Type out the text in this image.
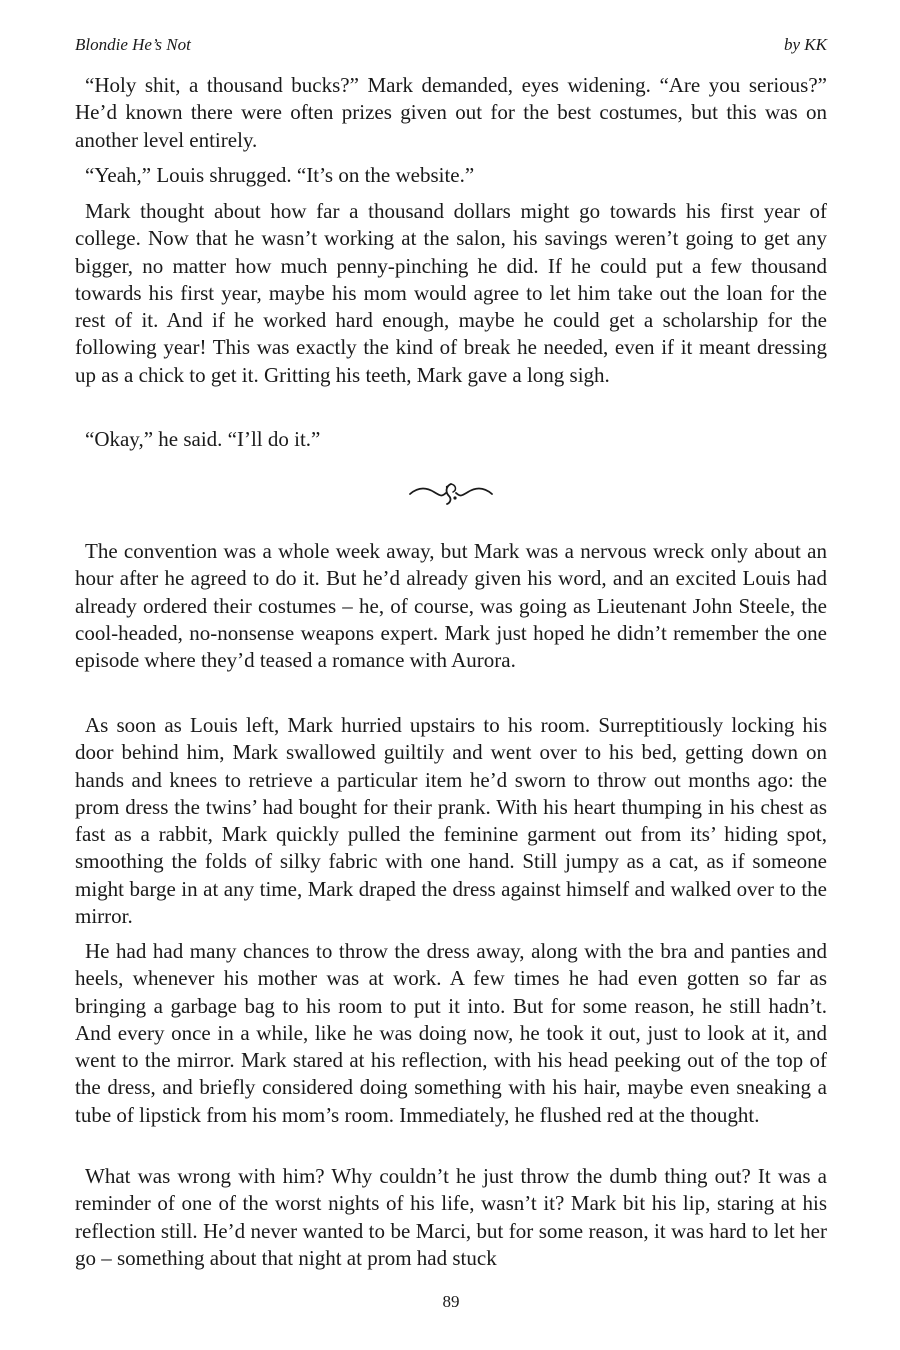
Blondie He’s Not	by KK

“Holy shit, a thousand bucks?” Mark demanded, eyes widening. “Are you serious?” He’d known there were often prizes given out for the best costumes, but this was on another level entirely.

“Yeah,” Louis shrugged. “It’s on the website.”

Mark thought about how far a thousand dollars might go towards his first year of college. Now that he wasn’t working at the salon, his savings weren’t going to get any bigger, no matter how much penny-pinching he did. If he could put a few thousand towards his first year, maybe his mom would agree to let him take out the loan for the rest of it. And if he worked hard enough, maybe he could get a scholarship for the following year! This was exactly the kind of break he needed, even if it meant dressing up as a chick to get it. Gritting his teeth, Mark gave a long sigh.

“Okay,” he said. “I’ll do it.”

The convention was a whole week away, but Mark was a nervous wreck only about an hour after he agreed to do it. But he’d already given his word, and an excited Louis had already ordered their costumes – he, of course, was going as Lieutenant John Steele, the cool-headed, no-nonsense weapons expert. Mark just hoped he didn’t remember the one episode where they’d teased a romance with Aurora.

As soon as Louis left, Mark hurried upstairs to his room. Surreptitiously locking his door behind him, Mark swallowed guiltily and went over to his bed, getting down on hands and knees to retrieve a particular item he’d sworn to throw out months ago: the prom dress the twins’ had bought for their prank. With his heart thumping in his chest as fast as a rabbit, Mark quickly pulled the feminine garment out from its’ hiding spot, smoothing the folds of silky fabric with one hand. Still jumpy as a cat, as if someone might barge in at any time, Mark draped the dress against himself and walked over to the mirror.

He had had many chances to throw the dress away, along with the bra and panties and heels, whenever his mother was at work. A few times he had even gotten so far as bringing a garbage bag to his room to put it into. But for some reason, he still hadn’t. And every once in a while, like he was doing now, he took it out, just to look at it, and went to the mirror. Mark stared at his reflection, with his head peeking out of the top of the dress, and briefly considered doing something with his hair, maybe even sneaking a tube of lipstick from his mom’s room. Immediately, he flushed red at the thought.

What was wrong with him? Why couldn’t he just throw the dumb thing out? It was a reminder of one of the worst nights of his life, wasn’t it? Mark bit his lip, staring at his reflection still. He’d never wanted to be Marci, but for some reason, it was hard to let her go – something about that night at prom had stuck

89
